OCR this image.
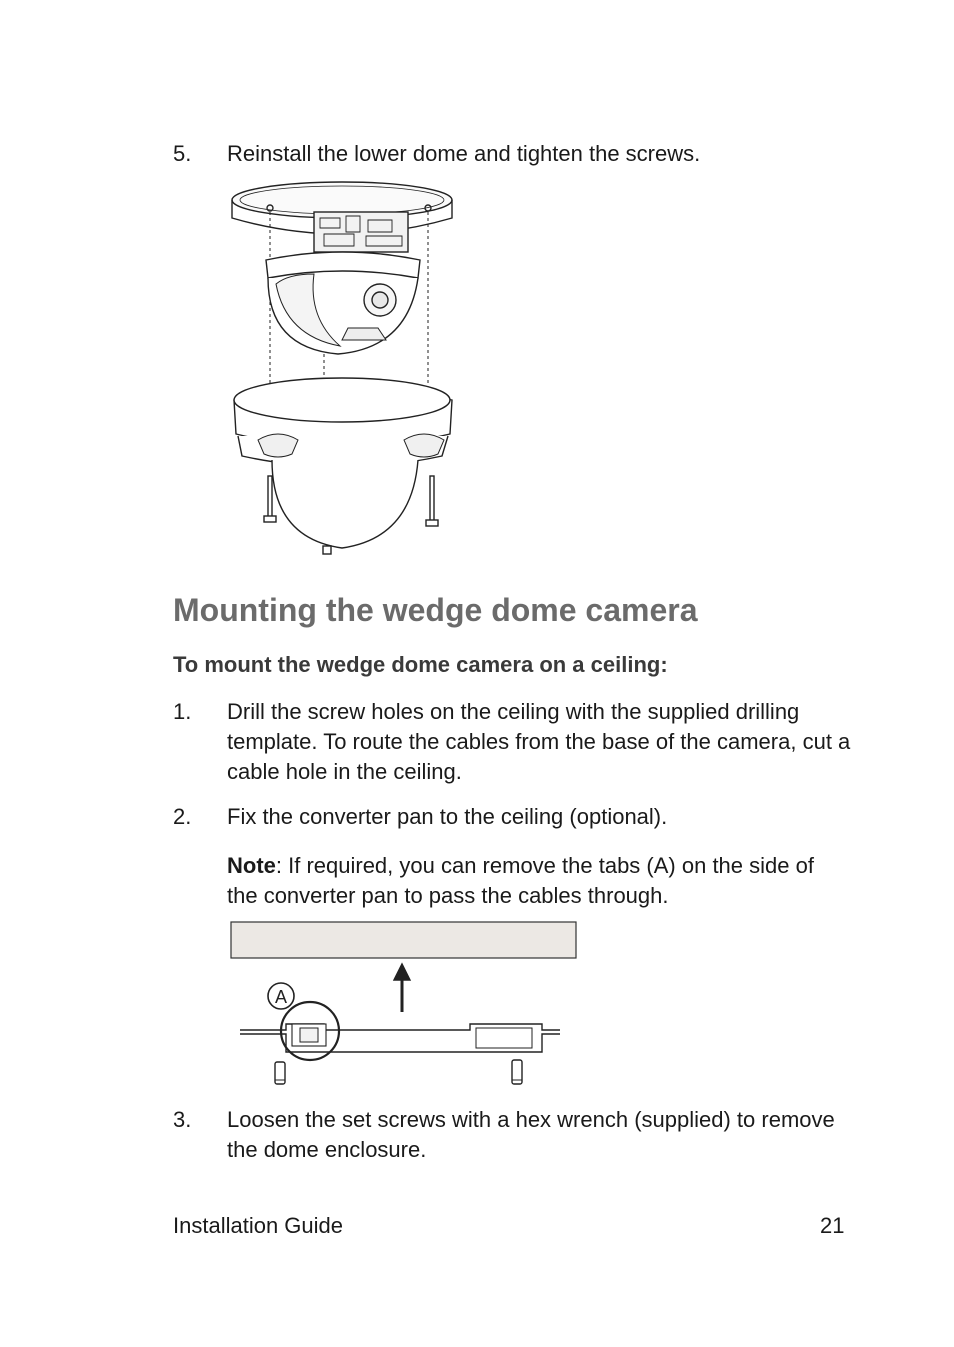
5. Reinstall the lower dome and tighten the screws.
Mounting the wedge dome camera
To mount the wedge dome camera on a ceiling:
1. Drill the screw holes on the ceiling with the supplied drilling template. To route the cables from the base of the camera, cut a cable hole in the ceiling.
2. Fix the converter pan to the ceiling (optional).
Note: If required, you can remove the tabs (A) on the side of the converter pan to pass the cables through.
A
3. Loosen the set screws with a hex wrench (supplied) to remove the dome enclosure.
Installation Guide	21
